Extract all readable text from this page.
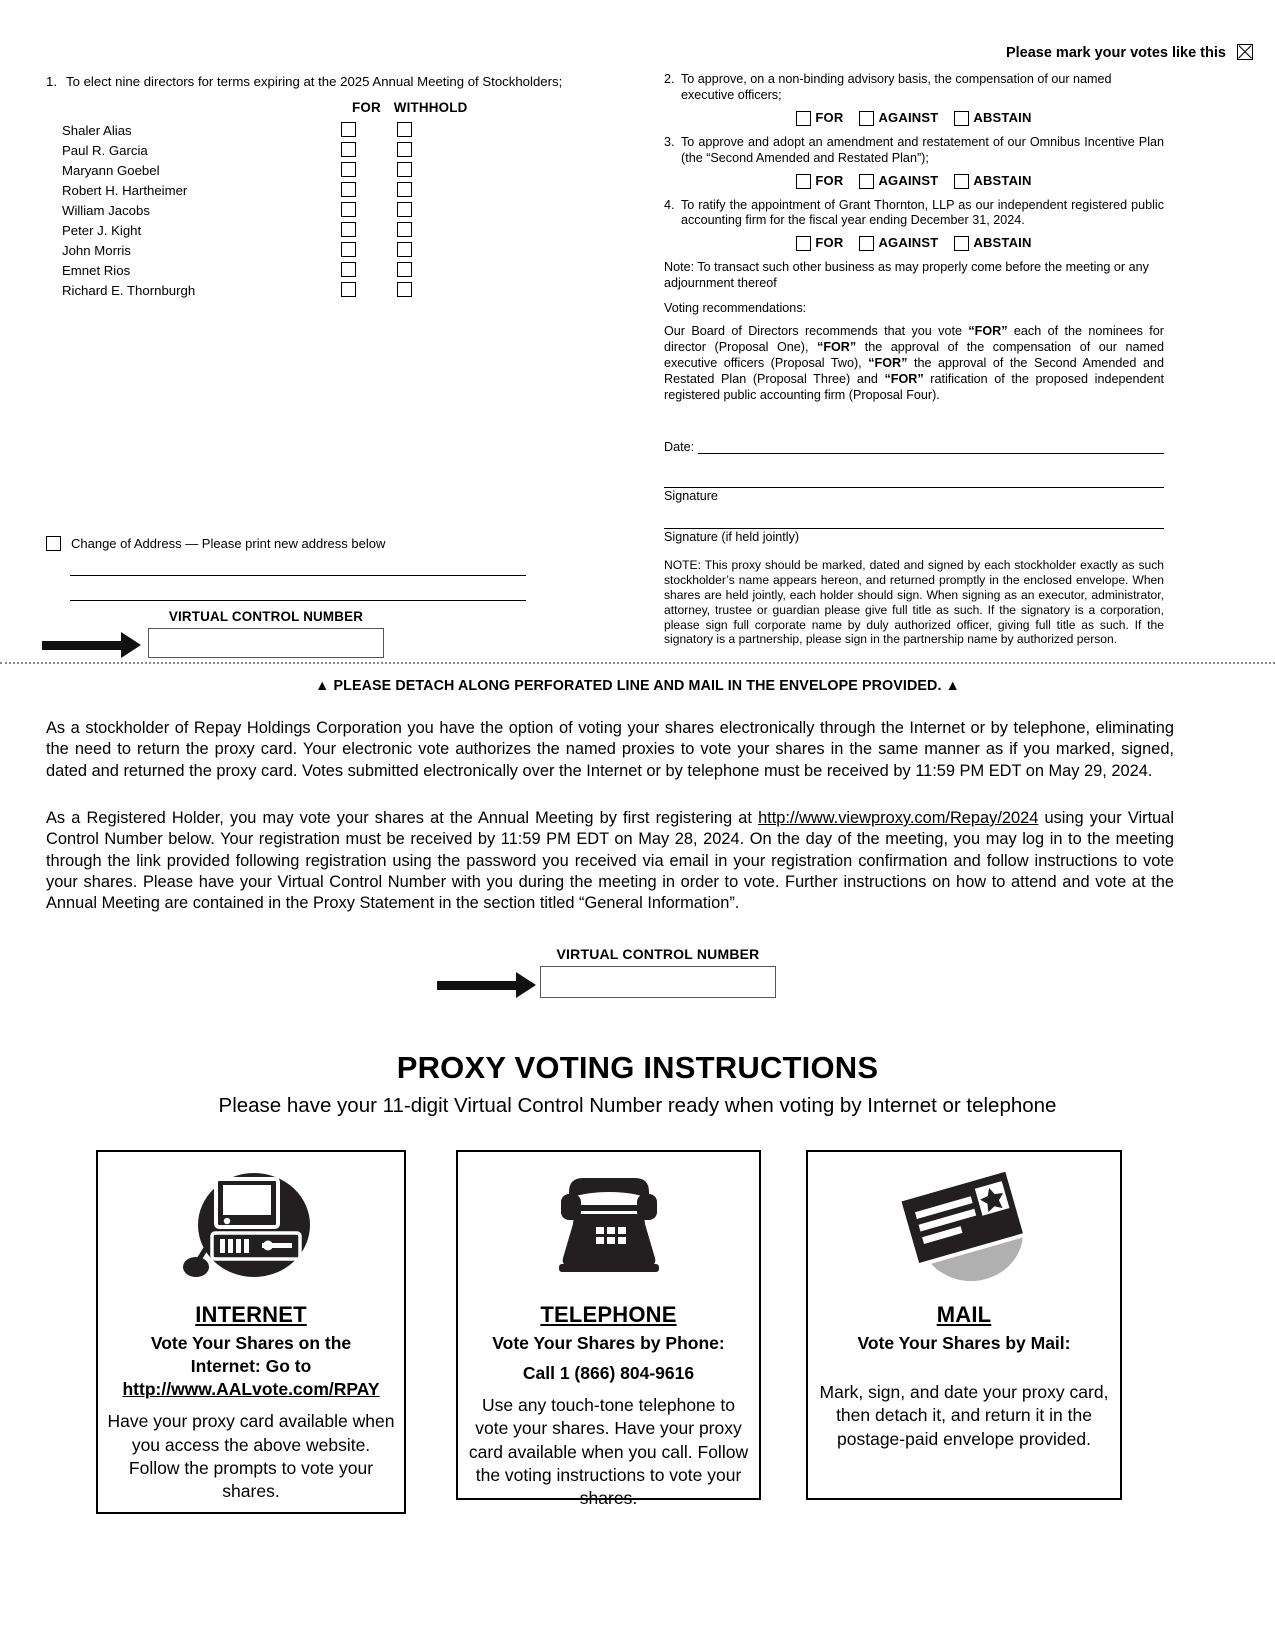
Please mark your votes like this
1. To elect nine directors for terms expiring at the 2025 Annual Meeting of Stockholders;
Shaler Alias
Paul R. Garcia
Maryann Goebel
Robert H. Hartheimer
William Jacobs
Peter J. Kight
John Morris
Emnet Rios
Richard E. Thornburgh
FOR WITHHOLD
2. To approve, on a non-binding advisory basis, the compensation of our named executive officers;
FOR	AGAINST	ABSTAIN
3. To approve and adopt an amendment and restatement of our Omnibus Incentive Plan (the “Second Amended and Restated Plan”);
FOR	AGAINST	ABSTAIN
4. To ratify the appointment of Grant Thornton, LLP as our independent registered public accounting firm for the fiscal year ending December 31, 2024.
FOR	AGAINST	ABSTAIN
Note: To transact such other business as may properly come before the meeting or any adjournment thereof
Voting recommendations:
Our Board of Directors recommends that you vote “FOR” each of the nominees for director (Proposal One), “FOR” the approval of the compensation of our named executive officers (Proposal Two), “FOR” the approval of the Second Amended and Restated Plan (Proposal Three) and “FOR” ratification of the proposed independent registered public accounting firm (Proposal Four).
Date:
Signature
Signature (if held jointly)
NOTE: This proxy should be marked, dated and signed by each stockholder exactly as such stockholder’s name appears hereon, and returned promptly in the enclosed envelope. When shares are held jointly, each holder should sign. When signing as an executor, administrator, attorney, trustee or guardian please give full title as such. If the signatory is a corporation, please sign full corporate name by duly authorized officer, giving full title as such. If the signatory is a partnership, please sign in the partnership name by authorized person.
Change of Address — Please print new address below
VIRTUAL CONTROL NUMBER
▲ PLEASE DETACH ALONG PERFORATED LINE AND MAIL IN THE ENVELOPE PROVIDED. ▲
As a stockholder of Repay Holdings Corporation you have the option of voting your shares electronically through the Internet or by telephone, eliminating the need to return the proxy card. Your electronic vote authorizes the named proxies to vote your shares in the same manner as if you marked, signed, dated and returned the proxy card. Votes submitted electronically over the Internet or by telephone must be received by 11:59 PM EDT on May 29, 2024.
As a Registered Holder, you may vote your shares at the Annual Meeting by first registering at http://www.viewproxy.com/Repay/2024 using your Virtual Control Number below. Your registration must be received by 11:59 PM EDT on May 28, 2024. On the day of the meeting, you may log in to the meeting through the link provided following registration using the password you received via email in your registration confirmation and follow instructions to vote your shares. Please have your Virtual Control Number with you during the meeting in order to vote. Further instructions on how to attend and vote at the Annual Meeting are contained in the Proxy Statement in the section titled “General Information”.
VIRTUAL CONTROL NUMBER
PROXY VOTING INSTRUCTIONS
Please have your 11-digit Virtual Control Number ready when voting by Internet or telephone
INTERNET
Vote Your Shares on the
Internet: Go to
http://www.AALvote.com/RPAY
Have your proxy card available when you access the above website. Follow the prompts to vote your shares.
TELEPHONE
Vote Your Shares by Phone:
Call 1 (866) 804-9616
Use any touch-tone telephone to vote your shares. Have your proxy card available when you call. Follow the voting instructions to vote your shares.
MAIL
Vote Your Shares by Mail:
Mark, sign, and date your proxy card, then detach it, and return it in the postage-paid envelope provided.
